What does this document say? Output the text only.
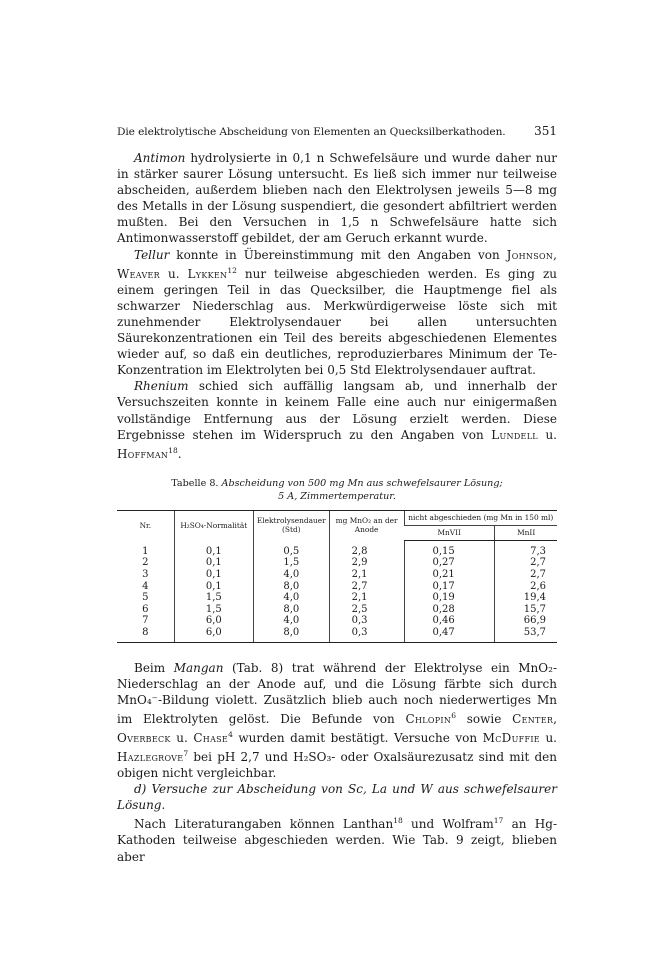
Die elektrolytische Abscheidung von Elementen an Quecksilberkathoden. 351

Antimon hydrolysierte in 0,1 n Schwefelsäure und wurde daher nur in stärker saurer Lösung untersucht. Es ließ sich immer nur teilweise abscheiden, außerdem blieben nach den Elektrolysen jeweils 5—8 mg des Metalls in der Lösung suspendiert, die gesondert abfiltriert werden mußten. Bei den Versuchen in 1,5 n Schwefelsäure hatte sich Antimonwasserstoff gebildet, der am Geruch erkannt wurde.

Tellur konnte in Übereinstimmung mit den Angaben von Johnson, Weaver u. Lykken$^{12}$ nur teilweise abgeschieden werden. Es ging zu einem geringen Teil in das Quecksilber, die Hauptmenge fiel als schwarzer Niederschlag aus. Merkwürdigerweise löste sich mit zunehmender Elektrolysendauer bei allen untersuchten Säurekonzentrationen ein Teil des bereits abgeschiedenen Elementes wieder auf, so daß ein deutliches, reproduzierbares Minimum der Te-Konzentration im Elektrolyten bei 0,5 Std Elektrolysendauer auftrat.

Rhenium schied sich auffällig langsam ab, und innerhalb der Versuchszeiten konnte in keinem Falle eine auch nur einigermaßen vollständige Entfernung aus der Lösung erzielt werden. Diese Ergebnisse stehen im Widerspruch zu den Angaben von Lundell u. Hoffman$^{18}$.

Tabelle 8. Abscheidung von 500 mg Mn aus schwefelsaurer Lösung;
5 A, Zimmertemperatur.
Nr.	H₂SO₄-Normalität	Elektrolysendauer (Std)	mg MnO₂ an der Anode	nicht abgeschieden (mg Mn in 150 ml)	
				MnVII	MnII
1	0,1	0,5	2,8	0,15	7,3
2	0,1	1,5	2,9	0,27	2,7
3	0,1	4,0	2,1	0,21	2,7
4	0,1	8,0	2,7	0,17	2,6
5	1,5	4,0	2,1	0,19	19,4
6	1,5	8,0	2,5	0,28	15,7
7	6,0	4,0	0,3	0,46	66,9
8	6,0	8,0	0,3	0,47	53,7

Beim Mangan (Tab. 8) trat während der Elektrolyse ein MnO₂-Niederschlag an der Anode auf, und die Lösung färbte sich durch MnO₄⁻-Bildung violett. Zusätzlich blieb auch noch niederwertiges Mn im Elektrolyten gelöst. Die Befunde von Chlopin$^6$ sowie Center, Overbeck u. Chase$^4$ wurden damit bestätigt. Versuche von McDuffie u. Hazlegrove$^7$ bei pH 2,7 und H₂SO₃- oder Oxalsäurezusatz sind mit den obigen nicht vergleichbar.

d) Versuche zur Abscheidung von Sc, La und W aus schwefelsaurer Lösung.

Nach Literaturangaben können Lanthan$^{18}$ und Wolfram$^{17}$ an Hg-Kathoden teilweise abgeschieden werden. Wie Tab. 9 zeigt, blieben aber
